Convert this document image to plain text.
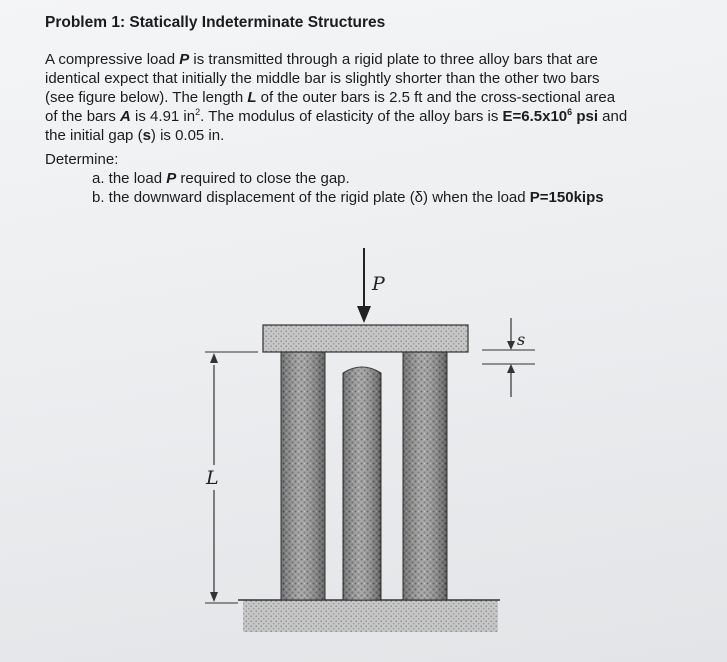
Problem 1: Statically Indeterminate Structures
A compressive load P is transmitted through a rigid plate to three alloy bars that are
identical expect that initially the middle bar is slightly shorter than the other two bars
(see figure below). The length L of the outer bars is 2.5 ft and the cross-sectional area
of the bars A is 4.91 $in^2$. The modulus of elasticity of the alloy bars is $E=6.5x10^6$ psi and
the initial gap (s) is 0.05 in.
Determine:
a. the load P required to close the gap.
b. the downward displacement of the rigid plate (δ) when the load P=150kips
P
s
L
